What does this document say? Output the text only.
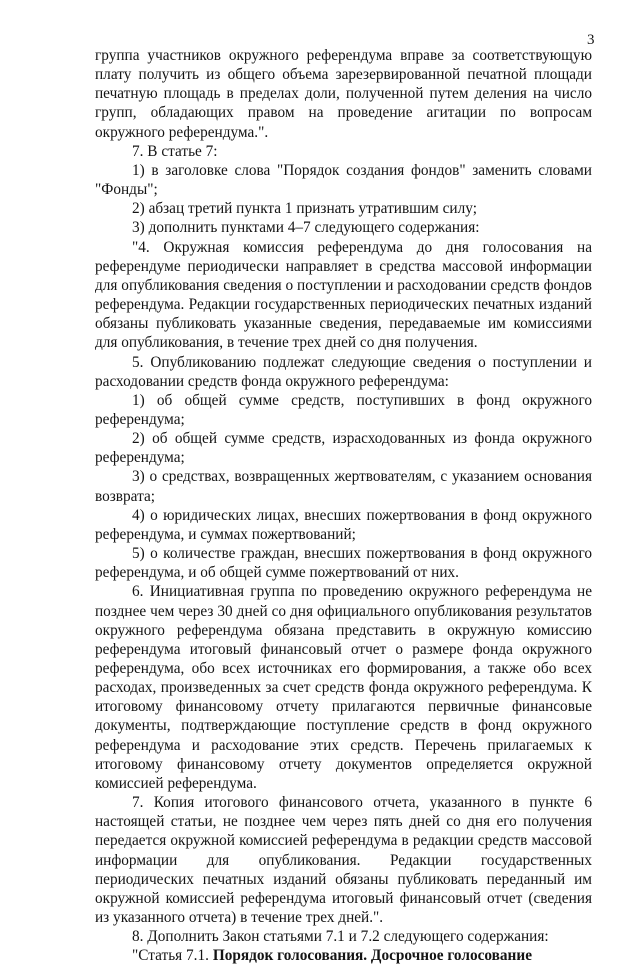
3

группа участников окружного референдума вправе за соответствующую плату получить из общего объема зарезервированной печатной площади печатную площадь в пределах доли, полученной путем деления на число групп, обладающих правом на проведение агитации по вопросам окружного референдума.".

7. В статье 7:

1) в заголовке слова "Порядок создания фондов" заменить словами "Фонды";

2) абзац третий пункта 1 признать утратившим силу;

3) дополнить пунктами 4–7 следующего содержания:

"4. Окружная комиссия референдума до дня голосования на референдуме периодически направляет в средства массовой информации для опубликования сведения о поступлении и расходовании средств фондов референдума. Редакции государственных периодических печатных изданий обязаны публиковать указанные сведения, передаваемые им комиссиями для опубликования, в течение трех дней со дня получения.

5. Опубликованию подлежат следующие сведения о поступлении и расходовании средств фонда окружного референдума:

1) об общей сумме средств, поступивших в фонд окружного референдума;

2) об общей сумме средств, израсходованных из фонда окружного референдума;

3) о средствах, возвращенных жертвователям, с указанием основания возврата;

4) о юридических лицах, внесших пожертвования в фонд окружного референдума, и суммах пожертвований;

5) о количестве граждан, внесших пожертвования в фонд окружного референдума, и об общей сумме пожертвований от них.

6. Инициативная группа по проведению окружного референдума не позднее чем через 30 дней со дня официального опубликования результатов окружного референдума обязана представить в окружную комиссию референдума итоговый финансовый отчет о размере фонда окружного референдума, обо всех источниках его формирования, а также обо всех расходах, произведенных за счет средств фонда окружного референдума. К итоговому финансовому отчету прилагаются первичные финансовые документы, подтверждающие поступление средств в фонд окружного референдума и расходование этих средств. Перечень прилагаемых к итоговому финансовому отчету документов определяется окружной комиссией референдума.

7. Копия итогового финансового отчета, указанного в пункте 6 настоящей статьи, не позднее чем через пять дней со дня его получения передается окружной комиссией референдума в редакции средств массовой информации для опубликования. Редакции государственных периодических печатных изданий обязаны публиковать переданный им окружной комиссией референдума итоговый финансовый отчет (сведения из указанного отчета) в течение трех дней.".

8. Дополнить Закон статьями 7.1 и 7.2 следующего содержания:

"Статья 7.1. Порядок голосования. Досрочное голосование
